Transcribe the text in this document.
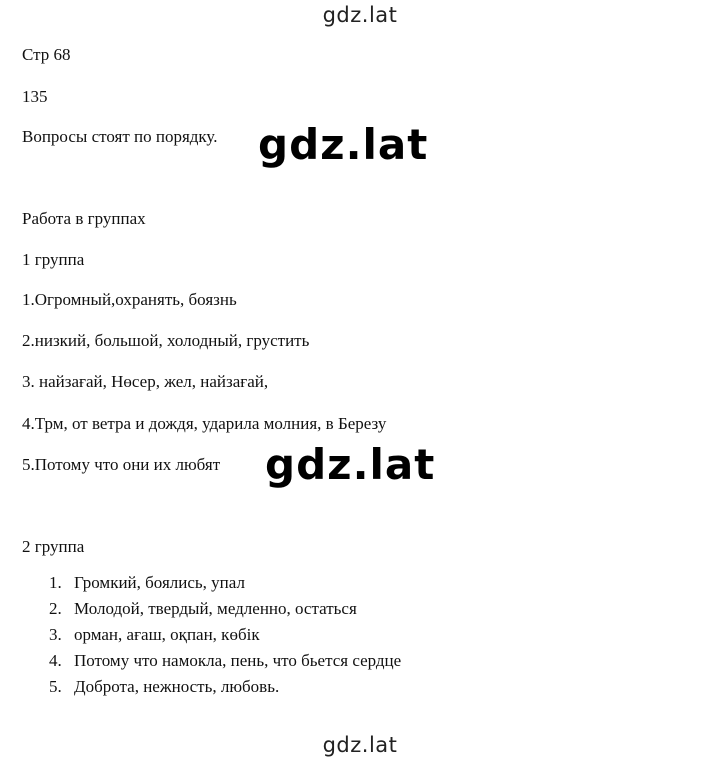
gdz.lat
Стр 68
135
Вопросы стоят по порядку. gdz.lat
Работа в группах
1 группа
1.Огромный,охранять, боязнь
2.низкий, большой, холодный, грустить
3. найзағай, Нөсер, жел, найзағай,
4.Трм, от ветра и дождя, ударила молния, в Березу
5.Потому что они их любят gdz.lat
2 группа
1. Громкий, боялись, упал
2. Молодой, твердый, медленно, остаться
3. орман, ағаш, оқпан, көбік
4. Потому что намокла, пень, что бьется сердце
5. Доброта, нежность, любовь.
gdz.lat
